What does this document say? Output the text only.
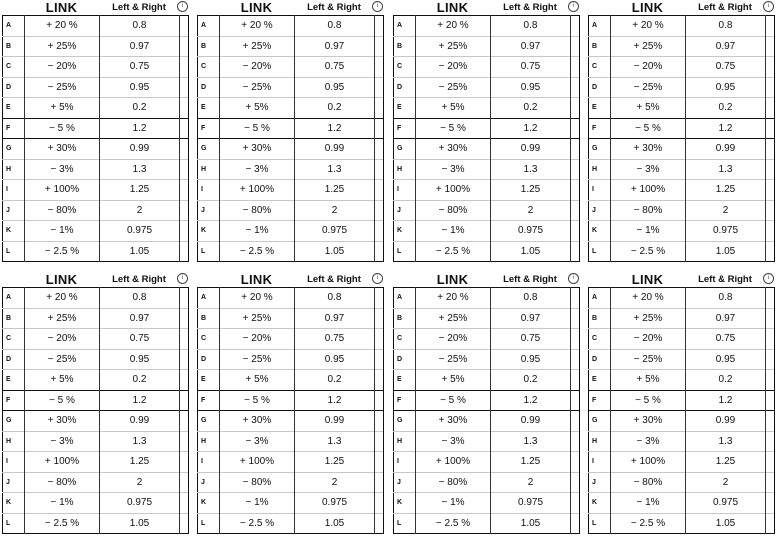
LINK	Left & Right	i
A	+ 20 %	0.8	
B	+ 25%	0.97	
C	− 20%	0.75	
D	− 25%	0.95	
E	+ 5%	0.2	
F	− 5 %	1.2	
G	+ 30%	0.99	
H	− 3%	1.3	
I	+ 100%	1.25	
J	− 80%	2	
K	− 1%	0.975	
L	− 2.5 %	1.05	
LINK	Left & Right	i
A	+ 20 %	0.8	
B	+ 25%	0.97	
C	− 20%	0.75	
D	− 25%	0.95	
E	+ 5%	0.2	
F	− 5 %	1.2	
G	+ 30%	0.99	
H	− 3%	1.3	
I	+ 100%	1.25	
J	− 80%	2	
K	− 1%	0.975	
L	− 2.5 %	1.05	
LINK	Left & Right	i
A	+ 20 %	0.8	
B	+ 25%	0.97	
C	− 20%	0.75	
D	− 25%	0.95	
E	+ 5%	0.2	
F	− 5 %	1.2	
G	+ 30%	0.99	
H	− 3%	1.3	
I	+ 100%	1.25	
J	− 80%	2	
K	− 1%	0.975	
L	− 2.5 %	1.05	
LINK	Left & Right	i
A	+ 20 %	0.8	
B	+ 25%	0.97	
C	− 20%	0.75	
D	− 25%	0.95	
E	+ 5%	0.2	
F	− 5 %	1.2	
G	+ 30%	0.99	
H	− 3%	1.3	
I	+ 100%	1.25	
J	− 80%	2	
K	− 1%	0.975	
L	− 2.5 %	1.05	
LINK	Left & Right	i
A	+ 20 %	0.8	
B	+ 25%	0.97	
C	− 20%	0.75	
D	− 25%	0.95	
E	+ 5%	0.2	
F	− 5 %	1.2	
G	+ 30%	0.99	
H	− 3%	1.3	
I	+ 100%	1.25	
J	− 80%	2	
K	− 1%	0.975	
L	− 2.5 %	1.05	
LINK	Left & Right	i
A	+ 20 %	0.8	
B	+ 25%	0.97	
C	− 20%	0.75	
D	− 25%	0.95	
E	+ 5%	0.2	
F	− 5 %	1.2	
G	+ 30%	0.99	
H	− 3%	1.3	
I	+ 100%	1.25	
J	− 80%	2	
K	− 1%	0.975	
L	− 2.5 %	1.05	
LINK	Left & Right	i
A	+ 20 %	0.8	
B	+ 25%	0.97	
C	− 20%	0.75	
D	− 25%	0.95	
E	+ 5%	0.2	
F	− 5 %	1.2	
G	+ 30%	0.99	
H	− 3%	1.3	
I	+ 100%	1.25	
J	− 80%	2	
K	− 1%	0.975	
L	− 2.5 %	1.05	
LINK	Left & Right	i
A	+ 20 %	0.8	
B	+ 25%	0.97	
C	− 20%	0.75	
D	− 25%	0.95	
E	+ 5%	0.2	
F	− 5 %	1.2	
G	+ 30%	0.99	
H	− 3%	1.3	
I	+ 100%	1.25	
J	− 80%	2	
K	− 1%	0.975	
L	− 2.5 %	1.05	
